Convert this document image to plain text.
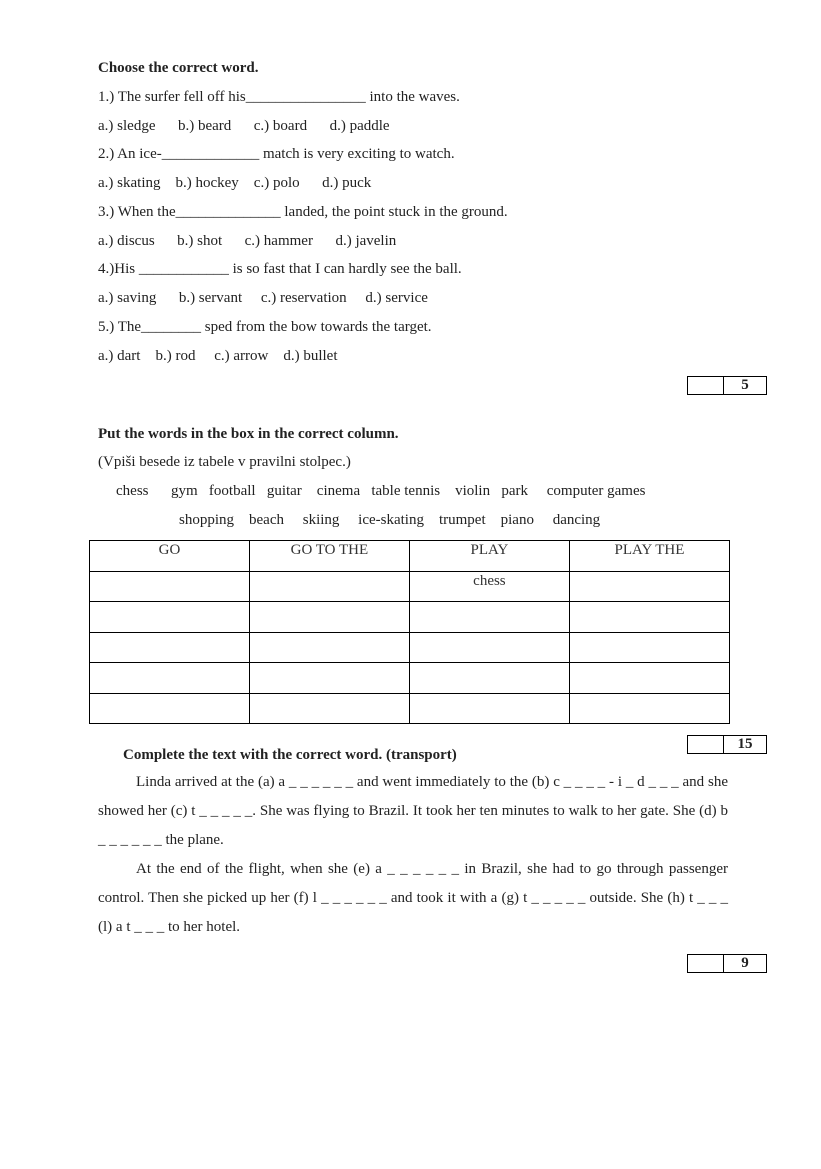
Choose the correct word.
1.) The surfer fell off his________________ into the waves.
a.) sledge      b.) beard      c.) board      d.) paddle
2.) An ice-_____________ match is very exciting to watch.
a.) skating    b.) hockey    c.) polo      d.) puck
3.) When the______________ landed, the point stuck in the ground.
a.) discus      b.) shot      c.) hammer      d.) javelin
4.)His ____________ is so fast that I can hardly see the ball.
a.) saving      b.) servant     c.) reservation     d.) service
5.) The________ sped from the bow towards the target.
a.) dart    b.) rod     c.) arrow    d.) bullet
5
Put the words in the box in the correct column.
(Vpiši besede iz tabele v pravilni stolpec.)
chess      gym   football   guitar    cinema   table tennis    violin   park     computer games
shopping    beach     skiing     ice-skating    trumpet    piano     dancing
GO	GO TO THE	PLAY	PLAY THE
		chess	

15
Complete the text with the correct word. (transport)

Linda arrived at the (a) a _ _ _ _ _ _ and went immediately to the (b) c _ _ _ _ - i _ d _ _ _ and she showed her (c) t _ _ _ _ _. She was flying to Brazil. It took her ten minutes to walk to her gate. She (d) b _ _ _ _ _ _ the plane.

At the end of the flight, when she (e) a _ _ _ _ _ _ in Brazil, she had to go through passenger control. Then she picked up her (f) l _ _ _ _ _ _ and took it with a (g) t _ _ _ _ _ outside. She (h) t _ _ _ (l) a t _ _ _ to her hotel.

9
